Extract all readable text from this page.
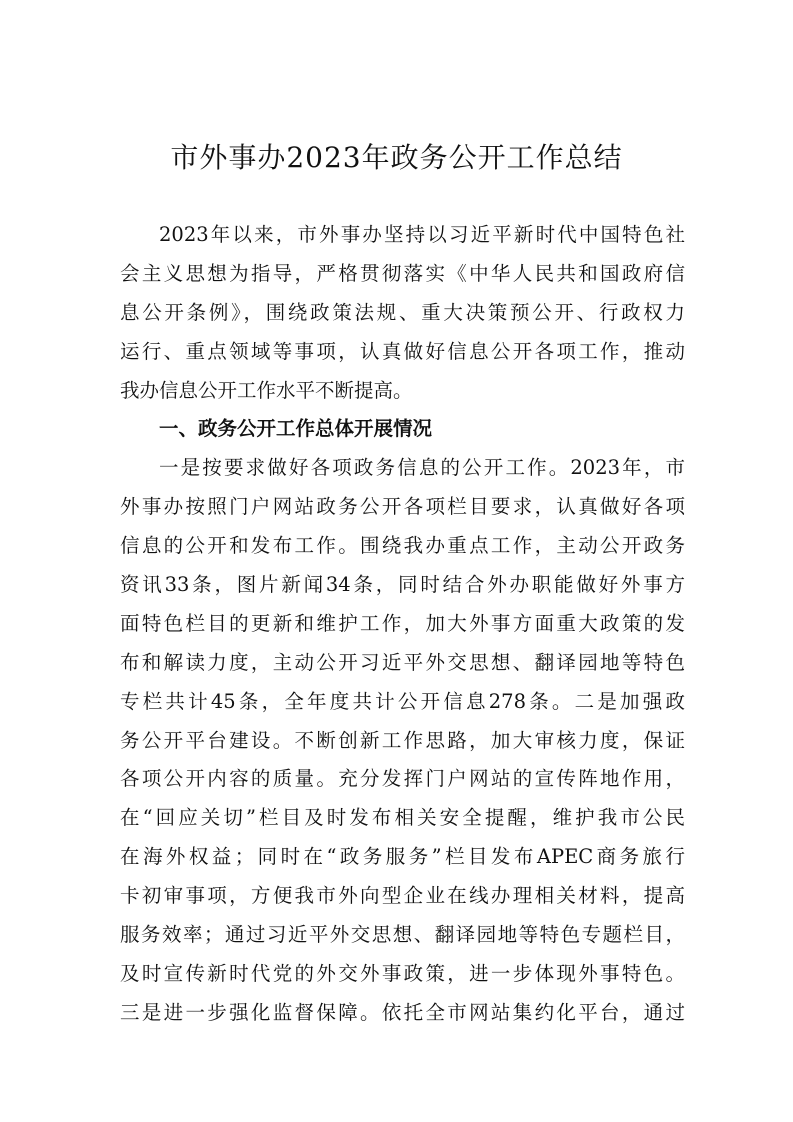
市外事办2023年政务公开工作总结
2023年以来，市外事办坚持以习近平新时代中国特色社
会主义思想为指导，严格贯彻落实《中华人民共和国政府信
息公开条例》，围绕政策法规、重大决策预公开、行政权力
运行、重点领域等事项，认真做好信息公开各项工作，推动
我办信息公开工作水平不断提高。
一、政务公开工作总体开展情况
一是按要求做好各项政务信息的公开工作。2023年，市
外事办按照门户网站政务公开各项栏目要求，认真做好各项
信息的公开和发布工作。围绕我办重点工作，主动公开政务
资讯33条，图片新闻34条，同时结合外办职能做好外事方
面特色栏目的更新和维护工作，加大外事方面重大政策的发
布和解读力度，主动公开习近平外交思想、翻译园地等特色
专栏共计45条，全年度共计公开信息278条。二是加强政
务公开平台建设。不断创新工作思路，加大审核力度，保证
各项公开内容的质量。充分发挥门户网站的宣传阵地作用，
在“回应关切”栏目及时发布相关安全提醒，维护我市公民
在海外权益；同时在“政务服务”栏目发布APEC商务旅行
卡初审事项，方便我市外向型企业在线办理相关材料，提高
服务效率；通过习近平外交思想、翻译园地等特色专题栏目，
及时宣传新时代党的外交外事政策，进一步体现外事特色。
三是进一步强化监督保障。依托全市网站集约化平台，通过
